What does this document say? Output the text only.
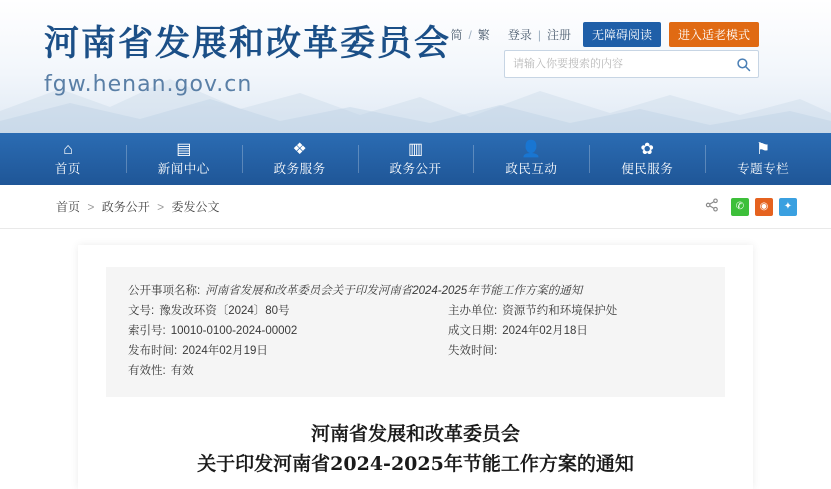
河南省发展和改革委员会
fgw.henan.gov.cn
简 / 繁	登录 | 注册	无障碍阅读	进入适老模式
请输入你要搜索的内容
⌂
首页
▤
新闻中心
❖
政务服务
▥
政务公开
👤
政民互动
✿
便民服务
⚑
专题专栏
首页 > 政务公开 > 委发公文	✆	◉	✦
公开事项名称: 河南省发展和改革委员会关于印发河南省2024-2025年节能工作方案的通知
文号: 豫发改环资〔2024〕80号	主办单位: 资源节约和环境保护处
索引号: 10010-0100-2024-00002	成文日期: 2024年02月18日
发布时间: 2024年02月19日	失效时间:
有效性: 有效
河南省发展和改革委员会
关于印发河南省2024-2025年节能工作方案的通知
